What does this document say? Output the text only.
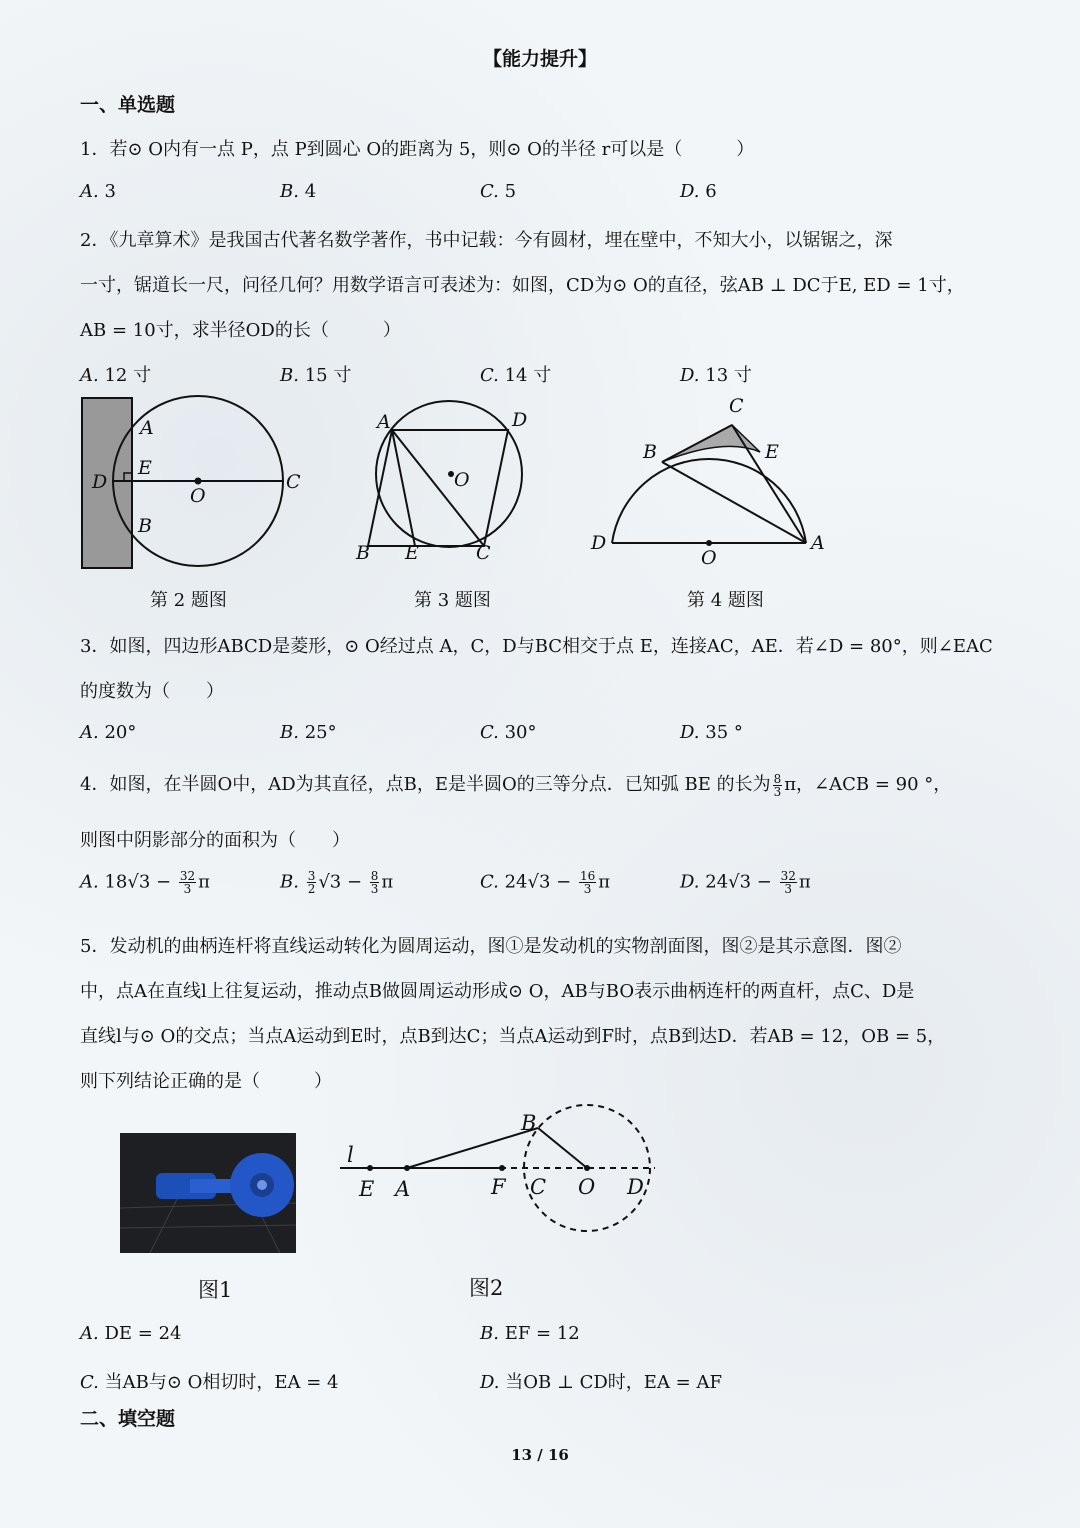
【能力提升】
一、单选题
1．若⊙ O内有一点 P，点 P到圆心 O的距离为 5，则⊙ O的半径 r可以是（　　　）
A. 3	B. 4	C. 5	D. 6
2．《九章算术》是我国古代著名数学著作，书中记载：今有圆材，埋在壁中，不知大小，以锯锯之，深
一寸，锯道长一尺，问径几何？用数学语言可表述为：如图，CD为⊙ O的直径，弦AB ⊥ DC于E, ED = 1寸，
AB = 10寸，求半径OD的长（　　　）
A. 12 寸	B. 15 寸	C. 14 寸	D. 13 寸
A
E
D
O
C
B
A	D
O
B E	C
C
B	E
D
O
A
第 2 题图	第 3 题图	第 4 题图
3．如图，四边形ABCD是菱形，⊙ O经过点 A，C，D与BC相交于点 E，连接AC，AE．若∠D = 80°，则∠EAC
的度数为（　　）
A. 20°	B. 25°	C. 30°	D. 35 °
4．如图，在半圆O中，AD为其直径，点B，E是半圆O的三等分点．已知弧 BE 的长为 $\frac{8}{3}$ π，∠ACB = 90 °，
则图中阴影部分的面积为（　　）
A. $18√3 - \frac{32}{3}$ π	B. $\frac{3}{2} √3 - \frac{8}{3}$ π	C. $24√3 - \frac{16}{3}$ π	D. $24√3 - \frac{32}{3}$ π
5．发动机的曲柄连杆将直线运动转化为圆周运动，图①是发动机的实物剖面图，图②是其示意图．图②
中，点A在直线l上往复运动，推动点B做圆周运动形成⊙ O，AB与BO表示曲柄连杆的两直杆，点C、D是
直线l与⊙ O的交点；当点A运动到E时，点B到达C；当点A运动到F时，点B到达D．若AB = 12，OB = 5，
则下列结论正确的是（　　　）
l
B
E A	F C O D
图1	图2
A. DE = 24	B. EF = 12
C. 当AB与⊙ O相切时，EA = 4	D. 当OB ⊥ CD时，EA = AF
二、填空题
13 / 16
